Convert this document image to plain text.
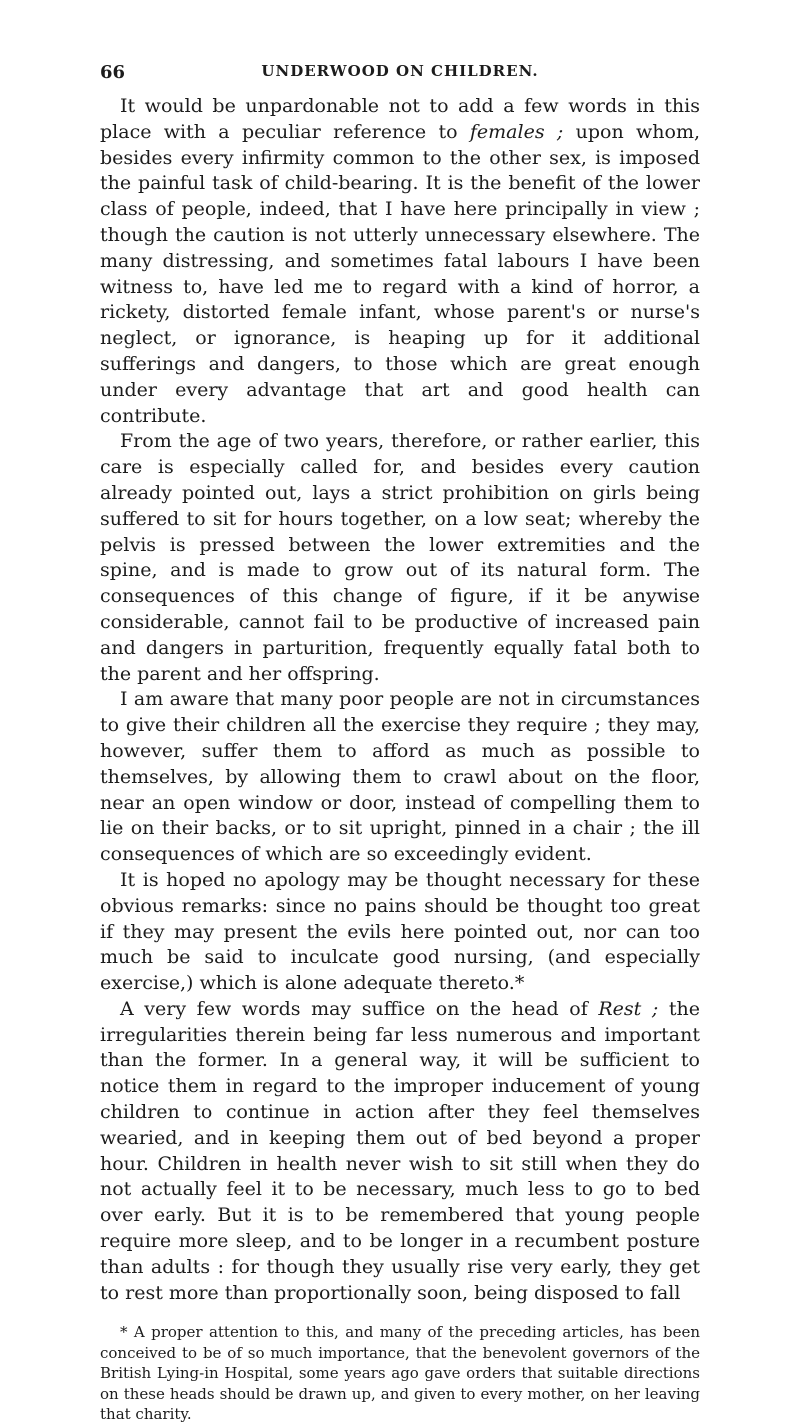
66	UNDERWOOD ON CHILDREN.

It would be unpardonable not to add a few words in this place with a peculiar reference to females ; upon whom, besides every infirmity common to the other sex, is imposed the painful task of child-bearing. It is the benefit of the lower class of people, indeed, that I have here principally in view ; though the caution is not utterly unnecessary elsewhere. The many distressing, and sometimes fatal labours I have been witness to, have led me to regard with a kind of horror, a rickety, distorted female infant, whose parent's or nurse's neglect, or ignorance, is heaping up for it additional sufferings and dangers, to those which are great enough under every advantage that art and good health can contribute.

From the age of two years, therefore, or rather earlier, this care is especially called for, and besides every caution already pointed out, lays a strict prohibition on girls being suffered to sit for hours together, on a low seat; whereby the pelvis is pressed between the lower extremities and the spine, and is made to grow out of its natural form. The consequences of this change of figure, if it be anywise considerable, cannot fail to be productive of increased pain and dangers in parturition, frequently equally fatal both to the parent and her offspring.

I am aware that many poor people are not in circumstances to give their children all the exercise they require ; they may, however, suffer them to afford as much as possible to themselves, by allowing them to crawl about on the floor, near an open window or door, instead of compelling them to lie on their backs, or to sit upright, pinned in a chair ; the ill consequences of which are so exceedingly evident.

It is hoped no apology may be thought necessary for these obvious remarks: since no pains should be thought too great if they may present the evils here pointed out, nor can too much be said to inculcate good nursing, (and especially exercise,) which is alone adequate thereto.*

A very few words may suffice on the head of Rest ; the irregularities therein being far less numerous and important than the former. In a general way, it will be sufficient to notice them in regard to the improper inducement of young children to continue in action after they feel themselves wearied, and in keeping them out of bed beyond a proper hour. Children in health never wish to sit still when they do not actually feel it to be necessary, much less to go to bed over early. But it is to be remembered that young people require more sleep, and to be longer in a recumbent posture than adults : for though they usually rise very early, they get to rest more than proportionally soon, being disposed to fall

* A proper attention to this, and many of the preceding articles, has been conceived to be of so much importance, that the benevolent governors of the British Lying-in Hospital, some years ago gave orders that suitable directions on these heads should be drawn up, and given to every mother, on her leaving that charity.
